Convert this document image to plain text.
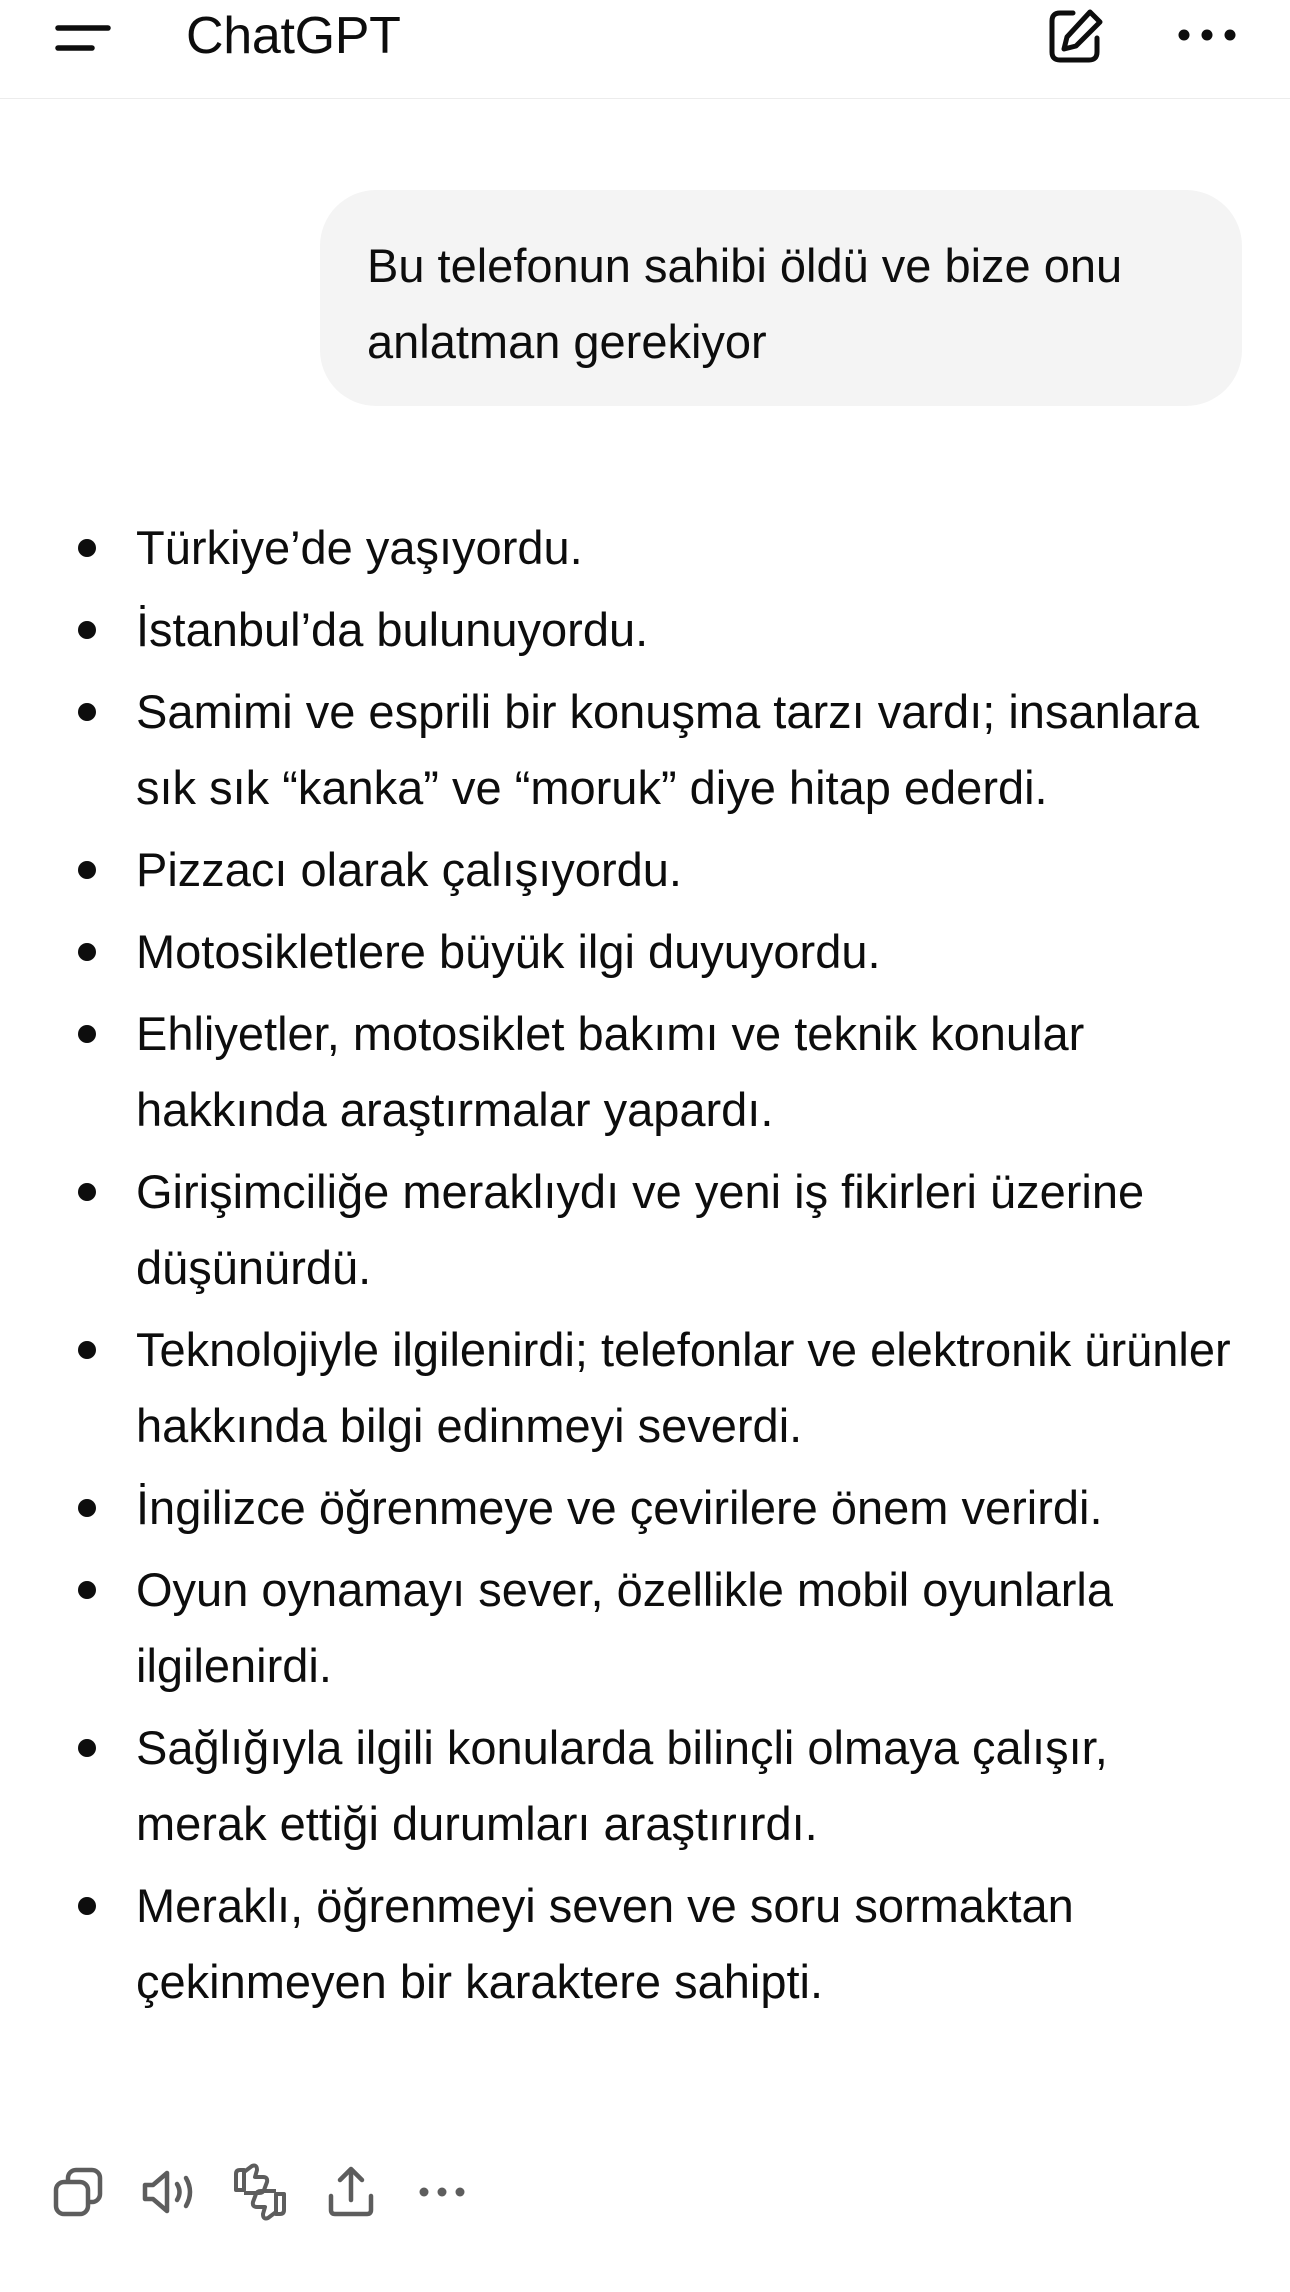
ChatGPT
Bu telefonun sahibi öldü ve bize onu anlatman gerekiyor
Türkiye’de yaşıyordu.
İstanbul’da bulunuyordu.
Samimi ve esprili bir konuşma tarzı vardı; insanlara sık sık “kanka” ve “moruk” diye hitap ederdi.
Pizzacı olarak çalışıyordu.
Motosikletlere büyük ilgi duyuyordu.
Ehliyetler, motosiklet bakımı ve teknik konular hakkında araştırmalar yapardı.
Girişimciliğe meraklıydı ve yeni iş fikirleri üzerine düşünürdü.
Teknolojiyle ilgilenirdi; telefonlar ve elektronik ürünler hakkında bilgi edinmeyi severdi.
İngilizce öğrenmeye ve çevirilere önem verirdi.
Oyun oynamayı sever, özellikle mobil oyunlarla ilgilenirdi.
Sağlığıyla ilgili konularda bilinçli olmaya çalışır, merak ettiği durumları araştırırdı.
Meraklı, öğrenmeyi seven ve soru sormaktan çekinmeyen bir karaktere sahipti.
